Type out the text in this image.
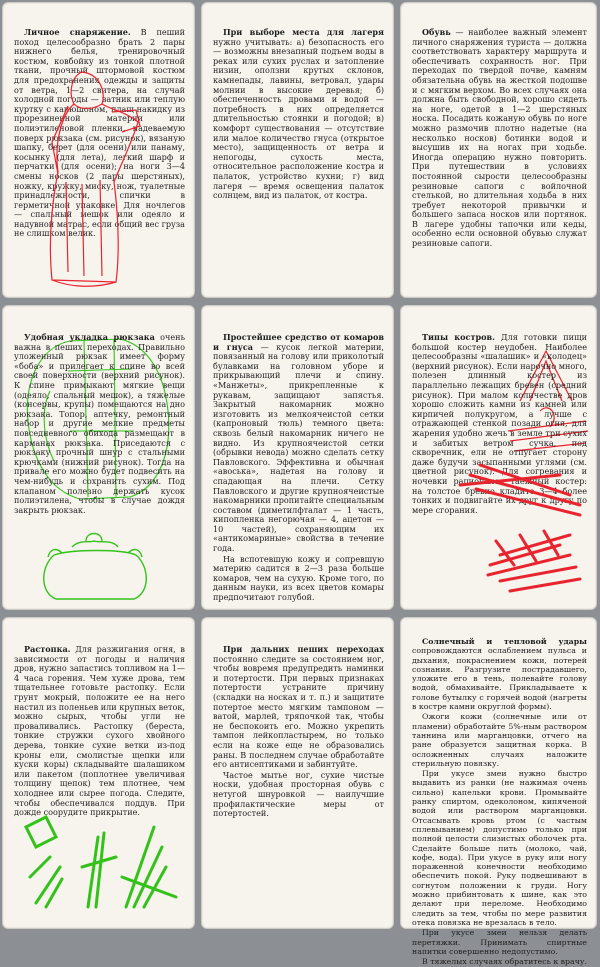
Личное снаряжение. В пеший поход целесообразно брать 2 пары нижнего белья, тренировочный костюм, ковбойку из тонкой плотной ткани, прочный штормовой костюм для предохранения одежды и защиты от ветра, 1—2 свитера, на случай холодной погоды — ватник или теплую куртку с капюшоном, плащ-накидку из прорезиненной материи или полиэтиленовой пленки, надеваемую поверх рюкзака (см. рисунок), вязаную шапку, берет (для осени) или панаму, косынку (для лета), легкий шарф и перчатки (для осени); на ноги 3—4 смены носков (2 пары шерстяных), ножку, кружку, миску, нож, туалетные принадлежности, спички в герметичной упаковке. Для ночлегов — спальный мешок или одеяло и надувной матрас, если общий вес груза не слишком велик.

При выборе места для лагеря нужно учитывать: а) безопасность его — возможны внезапный подъем воды в реках или сухих руслах и затопление низин, оползни крутых склонов, камнепады, лавины, ветровал, удары молнии в высокие деревья; б) обеспеченность дровами и водой — потребность в них определяется длительностью стоянки и погодой; в) комфорт существования — отсутствие или малое количество гнуса (открытое место), защищенность от ветра и непогоды, сухость места, относительное расположение костра и палаток, устройство кухни; г) вид лагеря — время освещения палаток солнцем, вид из палаток, от костра.

Обувь — наиболее важный элемент личного снаряжения туриста — должна соответствовать характеру маршрута и обеспечивать сохранность ног. При переходах по твердой почве, камням обязательна обувь на жесткой подошве и с мягким верхом. Во всех случаях она должна быть свободной, хорошо сидеть на ноге, одетой в 1—2 шерстяных носка. Посадить кожаную обувь по ноге можно размочив плотно надетые (на несколько носков) ботинки водой и высушив их на ногах при ходьбе. Иногда операцию нужно повторить. При путешествии в условиях постоянной сырости целесообразны резиновые сапоги с войлочной стелькой, но длительная ходьба в них требует некоторой привычки и большего запаса носков или портянок. В лагере удобны тапочки или кеды, особенно если основной обувью служат резиновые сапоги.

Удобная укладка рюкзака очень важна в пеших переходах. Правильно уложенный рюкзак имеет форму «боба» и прилегает к спине во всей своей поверхности (верхний рисунок). К спине примыкают мягкие вещи (одеяло, спальный мешок), а тяжелые (консервы, крупы) помещаются на дно рюкзака. Топор, аптечку, ремонтный набор и другие мелкие предметы повседневного обихода размещают в карманах рюкзака. Приседаются с рюкзаку прочный шнур с стальными крючками (нижний рисунок). Тогда на привале его можно будет подвесить на чем-нибудь и сохранить сухим. Под клапаном полезно держать кусок полиэтилена, чтобы в случае дождя закрыть рюкзак.

Простейшее средство от комаров и гнуса — кусок легкой материи, повязанный на голову или приколотый булавками на головном уборе и прикрывающий плечи и спину. «Манжеты», прикрепленные к рукавам, защищают запястья. Закрытый накомарник можно изготовить из мелкоячеистой сетки (капроновый тюль) темного цвета: сквозь белый накомарник ничего не видно. Из крупноячеистой сетки (обрывки невода) можно сделать сетку Павловского. Эффективна и обычная «авоська», надетая на голову и спадающая на плечи. Сетку Павловского и другие крупноячеистые накомарники пропитайте специальным составом (диметилфталат — 1 часть, кипопленка негорючая — 4, ацетон — 10 частей), сохраняющим их «антикомариные» свойства в течение года.

На вспотевшую кожу и сопревшую материю садится в 2—3 раза больше комаров, чем на сухую. Кроме того, по данным науки, из всех цветов комары предпочитают голубой.

Типы костров. Для готовки пищи большой костер неудобен. Наиболее целесообразны «шалашик» и «колодец» (верхний рисунок). Если нарочно много, полезен длинный костер из параллельно лежащих бревен (средний рисунок). При малом количестве дров хорошо сложить камни из камней или кирпичей полукругом, а лучше с отражающей стенкой позади огня, для жарения удобно жечь в земле три сухих и забитых ветром сучка, под скворечник, ели не отпугает сторону даже будучи засыпанными углями (см. цветной рисунок). Для согревания и ночевки рационален таежный костер: на толстое бревно кладите 3—4 более тонких и подвигайте их друг к другу по мере сгорания.

Растопка. Для разжигания огня, в зависимости от погоды и наличия дров, нужно запастись топливом на 1—4 часа горения. Чем хуже дрова, тем тщательнее готовьте растопку. Если грунт мокрый, положите ее на него настил из поленьев или крупных веток, можно сырых, чтобы угли не проваливались. Растопку (береста, тонкие стружки сухого хвойного дерева, тонкие сухие ветки из-под кроны ели, смолистые щепки или куски коры) складывайте шалашиком или пакетом (поплотнее увеличивая толщину щепок) тем плотнее, чем холоднее или сырее погода. Следите, чтобы обеспечивался поддув. При дожде соорудите прикрытие.

При дальних пеших переходах постоянно следите за состоянием ног, чтобы вовремя предупредить наминки и потертости. При первых признаках потертости устраните причину (складки на носках и т. п.) и защитите потертое место мягким тампоном — ватой, марлей, тряпочкой так, чтобы не беспокоить его. Можно укрепить тампон лейкопластырем, но только если на коже еще не образовались раны. В последнем случае обработайте его антисептиками и забинтуйте.

Частое мытье ног, сухие чистые носки, удобная просторная обувь с нетугой шнуровкой — наилучшие профилактические меры от потертостей.

Солнечный и тепловой удары сопровождаются ослаблением пульса и дыхания, покраснением кожи, потерей сознания. Разгрузите пострадавшего, уложите его в тень, полевайте голову водой, обмахивайте. Прикладываете к голове бутылку с горячей водой (нагреты в костре камни округлой формы).

Ожоги кожи (солнечные или от пламени) обработайте 5%-ным раствором таннина или марганцовки, отчего на ране образуется защитная корка. В осложненных случаях наложите стерильную повязку.

При укусе змеи нужно быстро выдавить из ранки (не нажимая очень сильно) капельки крови. Промывайте ранку спиртом, одеколоном, кипяченой водой или раствором марганцовки. Отсасывать кровь ртом (с частым сплевыванием) допустимо только при полной целости слизистых оболочек рта. Сделайте больше пить (молоко, чай, кофе, вода). При укусе в руку или ногу пораженной конечности необходимо обеспечить покой. Руку подвешивают в согнутом положении к груди. Ногу можно прибинтовать к шине, как это делают при переломе. Необходимо следить за тем, чтобы по мере развития отека повязка не врезалась в тело.

При укусе змеи нельзя делать перетяжки. Принимать спиртные напитки совершенно недопустимо.

В тяжелых случаях обратитесь к врачу.
